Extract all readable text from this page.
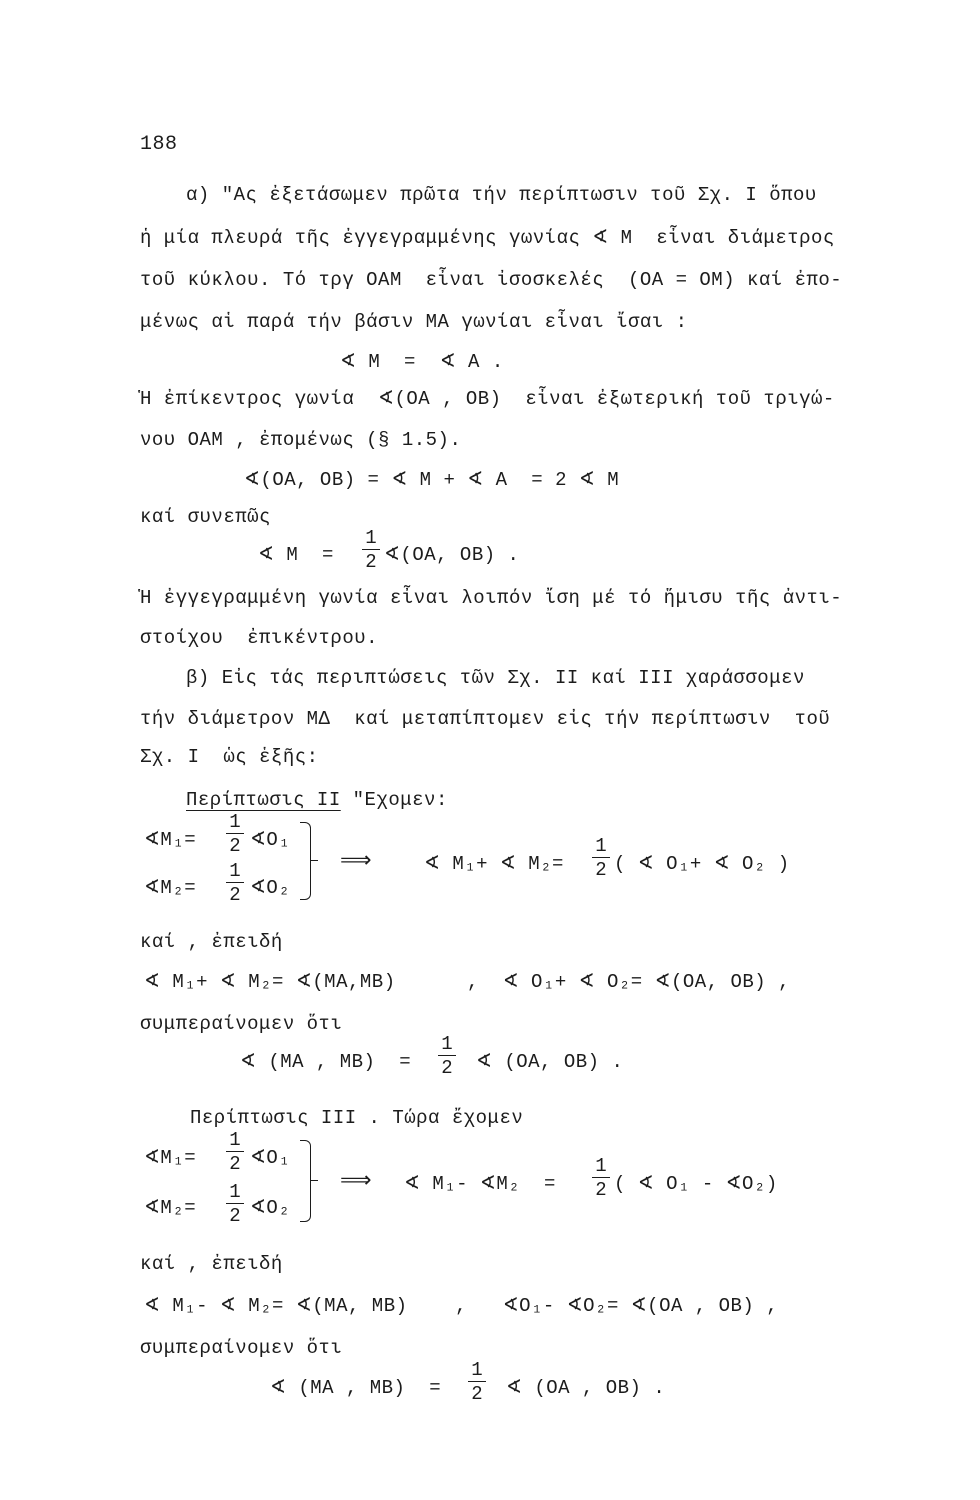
188
α) "Ας ἐξετάσωμεν πρῶτα τήν περίπτωσιν τοῦ Σχ. Ι ὅπου
ἡ μία πλευρά τῆς ἐγγεγραμμένης γωνίας ∢ Μ  εἶναι διάμετρος
τοῦ κύκλου. Τό τργ ΟΑΜ  εἶναι ἰσοσκελές  (ΟΑ = ΟΜ) καί ἐπο-
μένως αἱ παρά τήν βάσιν ΜΑ γωνίαι εἶναι ἴσαι :
∢ Μ  =  ∢ Α .
Ἡ ἐπίκεντρος γωνία  ∢(ΟΑ , ΟΒ)  εἶναι ἐξωτερική τοῦ τριγώ-
νου ΟΑΜ , ἐπομένως (§ 1.5).
∢(ΟΑ, ΟΒ) = ∢ Μ + ∢ Α  = 2 ∢ Μ
καί συνεπῶς
∢ Μ  =
1
2 ∢(ΟΑ, ΟΒ) .
Ἡ ἐγγεγραμμένη γωνία εἶναι λοιπόν ἴση μέ τό ἥμισυ τῆς ἀντι-
στοίχου  ἐπικέντρου.
β) Εἰς τάς περιπτώσεις τῶν Σχ. ΙΙ καί ΙΙΙ χαράσσομεν
τήν διάμετρον ΜΔ  καί μεταπίπτομεν εἰς τήν περίπτωσιν  τοῦ
Σχ. Ι  ὡς ἑξῆς:
Περίπτωσις ΙΙ "Εχομεν:
∢Μ₁=
1
2 ∢Ο₁
∢Μ₂=
1
2 ∢Ο₂
⟹	∢ Μ₁+ ∢ Μ₂=
1
2 ( ∢ Ο₁+ ∢ Ο₂ )
καί , ἐπειδή
∢ Μ₁+ ∢ Μ₂= ∢(ΜΑ,ΜΒ)      ,  ∢ Ο₁+ ∢ Ο₂= ∢(ΟΑ, ΟΒ) ,
συμπεραίνομεν ὅτι
∢ (ΜΑ , ΜΒ)  =
1
2 ∢ (ΟΑ, ΟΒ) .
Περίπτωσις ΙΙΙ . Τώρα ἔχομεν
∢Μ₁=
1
2 ∢Ο₁
∢Μ₂=
1
2 ∢Ο₂
⟹ ∢ Μ₁- ∢Μ₂  =
1
2 ( ∢ Ο₁ - ∢Ο₂)
καί , ἐπειδή
∢ Μ₁- ∢ Μ₂= ∢(ΜΑ, ΜΒ)    ,   ∢Ο₁- ∢Ο₂= ∢(ΟΑ , ΟΒ) ,
συμπεραίνομεν ὅτι
∢ (ΜΑ , ΜΒ)  =
1
2 ∢ (ΟΑ , ΟΒ) .
